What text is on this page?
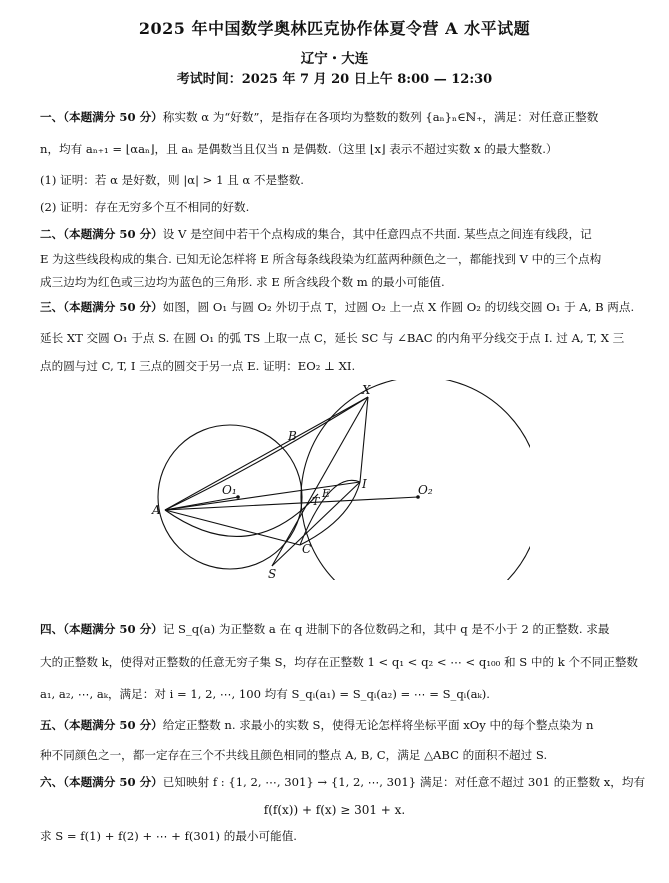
2025 年中国数学奥林匹克协作体夏令营 A 水平试题
辽宁・大连
考试时间：2025 年 7 月 20 日上午 8:00 — 12:30
一、（本题满分 50 分）称实数 α 为“好数”，是指存在各项均为整数的数列 {aₙ}ₙ∈ℕ₊，满足：对任意正整数
n，均有 aₙ₊₁ = ⌊αaₙ⌋，且 aₙ 是偶数当且仅当 n 是偶数.（这里 ⌊x⌋ 表示不超过实数 x 的最大整数.）
(1) 证明：若 α 是好数，则 |α| > 1 且 α 不是整数.
(2) 证明：存在无穷多个互不相同的好数.
二、（本题满分 50 分）设 V 是空间中若干个点构成的集合，其中任意四点不共面. 某些点之间连有线段，记
E 为这些线段构成的集合. 已知无论怎样将 E 所含每条线段染为红蓝两种颜色之一，都能找到 V 中的三个点构
成三边均为红色或三边均为蓝色的三角形. 求 E 所含线段个数 m 的最小可能值.
三、（本题满分 50 分）如图，圆 O₁ 与圆 O₂ 外切于点 T，过圆 O₂ 上一点 X 作圆 O₂ 的切线交圆 O₁ 于 A, B 两点.
延长 XT 交圆 O₁ 于点 S. 在圆 O₁ 的弧 TS 上取一点 C，延长 SC 与 ∠BAC 的内角平分线交于点 I. 过 A, T, X 三
点的圆与过 C, T, I 三点的圆交于另一点 E. 证明：EO₂ ⊥ XI.
X
B
O₁	E
I	O₂
A
T
C
S
四、（本题满分 50 分）记 S_q(a) 为正整数 a 在 q 进制下的各位数码之和，其中 q 是不小于 2 的正整数. 求最
大的正整数 k，使得对正整数的任意无穷子集 S，均存在正整数 1 < q₁ < q₂ < ⋯ < q₁₀₀ 和 S 中的 k 个不同正整数
a₁, a₂, ⋯, aₖ，满足：对 i = 1, 2, ⋯, 100 均有 S_qᵢ(a₁) = S_qᵢ(a₂) = ⋯ = S_qᵢ(aₖ).
五、（本题满分 50 分）给定正整数 n. 求最小的实数 S，使得无论怎样将坐标平面 xOy 中的每个整点染为 n
种不同颜色之一，都一定存在三个不共线且颜色相同的整点 A, B, C，满足 △ABC 的面积不超过 S.
六、（本题满分 50 分）已知映射 f : {1, 2, ⋯, 301} → {1, 2, ⋯, 301} 满足：对任意不超过 301 的正整数 x，均有
f(f(x)) + f(x) ≥ 301 + x.
求 S = f(1) + f(2) + ⋯ + f(301) 的最小可能值.
